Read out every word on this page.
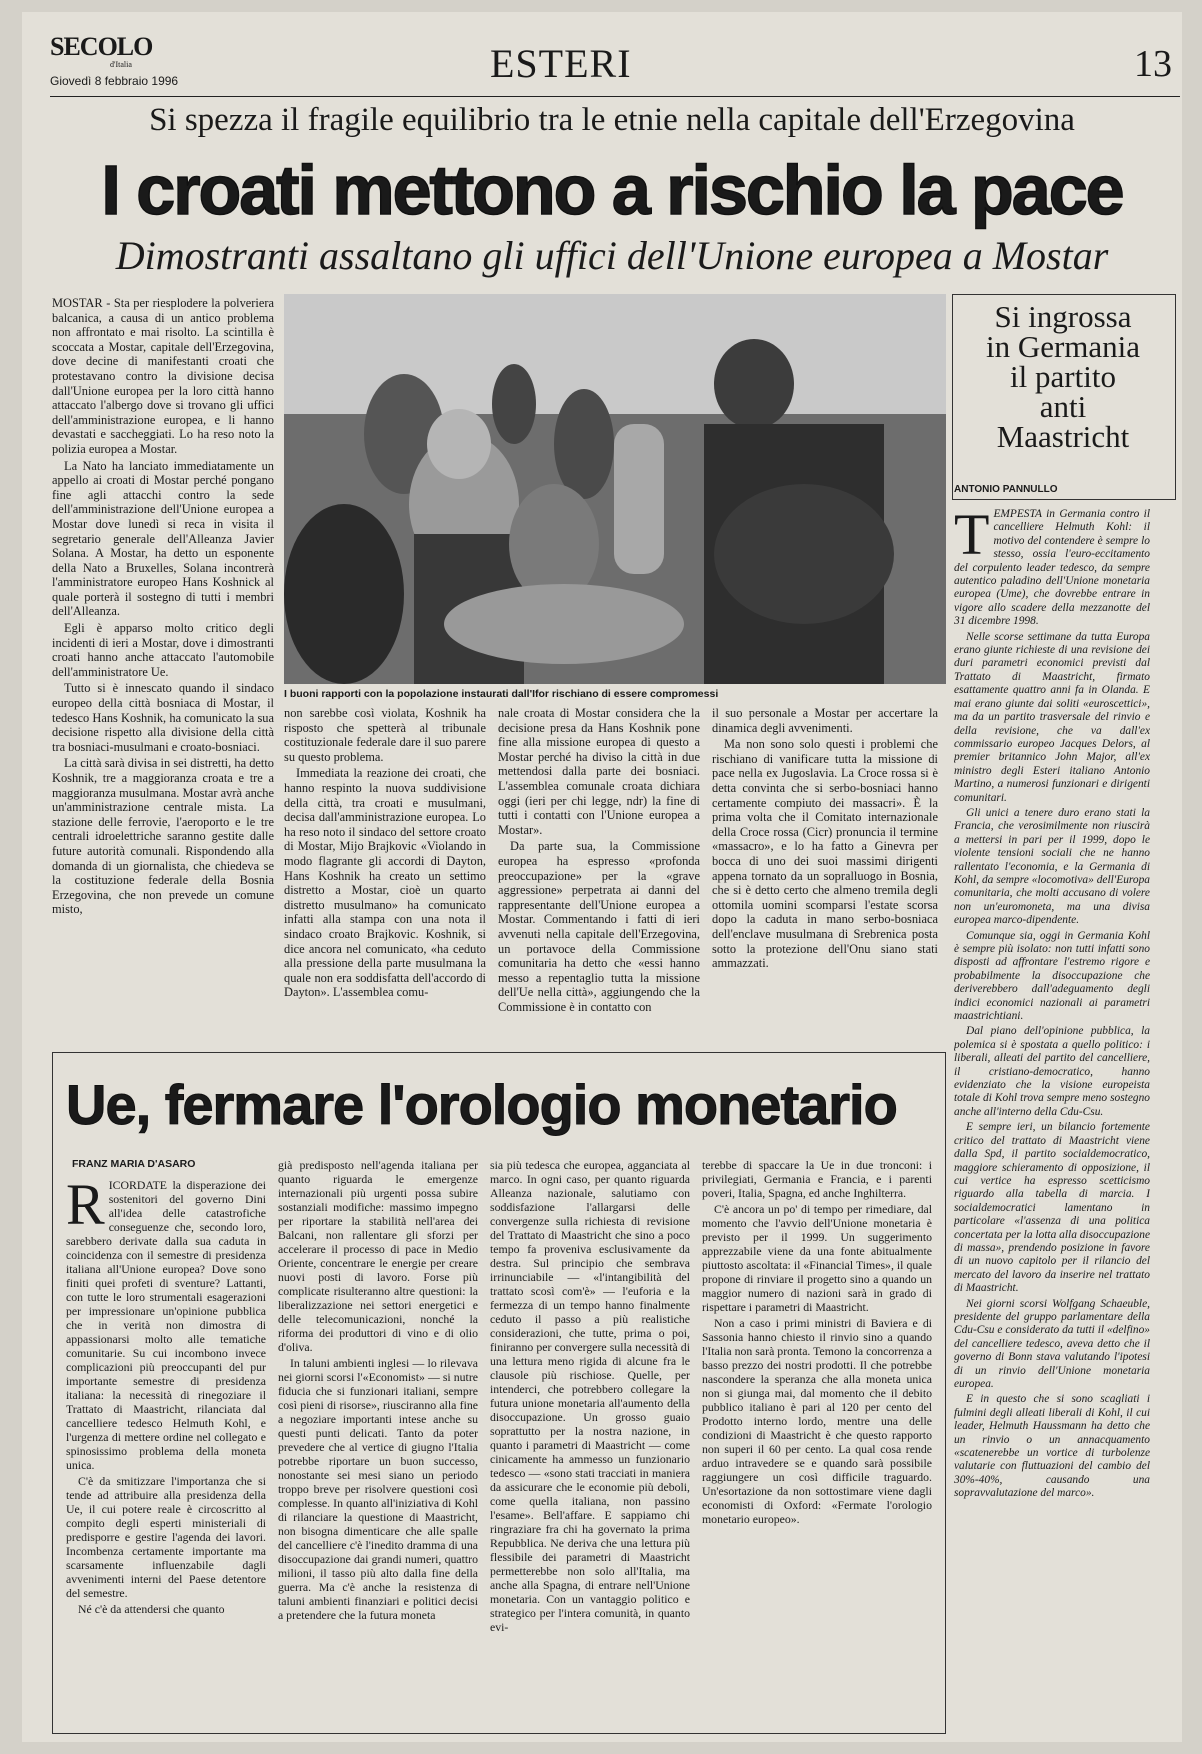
SECOLO
d'Italia
Giovedì 8 febbraio 1996	ESTERI	13
Si spezza il fragile equilibrio tra le etnie nella capitale dell'Erzegovina
I croati mettono a rischio la pace
Dimostranti assaltano gli uffici dell'Unione europea a Mostar

MOSTAR - Sta per riesplodere la polveriera balcanica, a causa di un antico problema non affrontato e mai risolto. La scintilla è scoccata a Mostar, capitale dell'Erzegovina, dove decine di manifestanti croati che protestavano contro la divisione decisa dall'Unione europea per la loro città hanno attaccato l'albergo dove si trovano gli uffici dell'amministrazione europea, e li hanno devastati e saccheggiati. Lo ha reso noto la polizia europea a Mostar.

La Nato ha lanciato immediatamente un appello ai croati di Mostar perché pongano fine agli attacchi contro la sede dell'amministrazione dell'Unione europea a Mostar dove lunedì si reca in visita il segretario generale dell'Alleanza Javier Solana. A Mostar, ha detto un esponente della Nato a Bruxelles, Solana incontrerà l'amministratore europeo Hans Koshnick al quale porterà il sostegno di tutti i membri dell'Alleanza.

Egli è apparso molto critico degli incidenti di ieri a Mostar, dove i dimostranti croati hanno anche attaccato l'automobile dell'amministratore Ue.

Tutto si è innescato quando il sindaco europeo della città bosniaca di Mostar, il tedesco Hans Koshnik, ha comunicato la sua decisione rispetto alla divisione della città tra bosniaci-musulmani e croato-bosniaci.

La città sarà divisa in sei distretti, ha detto Koshnik, tre a maggioranza croata e tre a maggioranza musulmana. Mostar avrà anche un'amministrazione centrale mista. La stazione delle ferrovie, l'aeroporto e le tre centrali idroelettriche saranno gestite dalle future autorità comunali. Rispondendo alla domanda di un giornalista, che chiedeva se la costituzione federale della Bosnia Erzegovina, che non prevede un comune misto,

I buoni rapporti con la popolazione instaurati dall'Ifor rischiano di essere compromessi

non sarebbe così violata, Koshnik ha risposto che spetterà al tribunale costituzionale federale dare il suo parere su questo problema.

Immediata la reazione dei croati, che hanno respinto la nuova suddivisione della città, tra croati e musulmani, decisa dall'amministrazione europea. Lo ha reso noto il sindaco del settore croato di Mostar, Mijo Brajkovic «Violando in modo flagrante gli accordi di Dayton, Hans Koshnik ha creato un settimo distretto a Mostar, cioè un quarto distretto musulmano» ha comunicato infatti alla stampa con una nota il sindaco croato Brajkovic. Koshnik, si dice ancora nel comunicato, «ha ceduto alla pressione della parte musulmana la quale non era soddisfatta dell'accordo di Dayton». L'assemblea comu-

nale croata di Mostar considera che la decisione presa da Hans Koshnik pone fine alla missione europea di questo a Mostar perché ha diviso la città in due mettendosi dalla parte dei bosniaci. L'assemblea comunale croata dichiara oggi (ieri per chi legge, ndr) la fine di tutti i contatti con l'Unione europea a Mostar».

Da parte sua, la Commissione europea ha espresso «profonda preoccupazione» per la «grave aggressione» perpetrata ai danni del rappresentante dell'Unione europea a Mostar. Commentando i fatti di ieri avvenuti nella capitale dell'Erzegovina, un portavoce della Commissione comunitaria ha detto che «essi hanno messo a repentaglio tutta la missione dell'Ue nella città», aggiungendo che la Commissione è in contatto con

il suo personale a Mostar per accertare la dinamica degli avvenimenti.

Ma non sono solo questi i problemi che rischiano di vanificare tutta la missione di pace nella ex Jugoslavia. La Croce rossa si è detta convinta che si serbo-bosniaci hanno certamente compiuto dei massacri». È la prima volta che il Comitato internazionale della Croce rossa (Cicr) pronuncia il termine «massacro», e lo ha fatto a Ginevra per bocca di uno dei suoi massimi dirigenti appena tornato da un sopralluogo in Bosnia, che si è detto certo che almeno tremila degli ottomila uomini scomparsi l'estate scorsa dopo la caduta in mano serbo-bosniaca dell'enclave musulmana di Srebrenica posta sotto la protezione dell'Onu siano stati ammazzati.

Si ingrossa
in Germania
il partito
anti
Maastricht
ANTONIO PANNULLO
T EMPESTA in Germania contro il cancelliere Helmuth Kohl: il motivo del contendere è sempre lo stesso, ossia l'euro-eccitamento del corpulento leader tedesco, da sempre autentico paladino dell'Unione monetaria europea (Ume), che dovrebbe entrare in vigore allo scadere della mezzanotte del 31 dicembre 1998.

Nelle scorse settimane da tutta Europa erano giunte richieste di una revisione dei duri parametri economici previsti dal Trattato di Maastricht, firmato esattamente quattro anni fa in Olanda. E mai erano giunte dai soliti «euroscettici», ma da un partito trasversale del rinvio e della revisione, che va dall'ex commissario europeo Jacques Delors, al premier britannico John Major, all'ex ministro degli Esteri italiano Antonio Martino, a numerosi funzionari e dirigenti comunitari.

Gli unici a tenere duro erano stati la Francia, che verosimilmente non riuscirà a mettersi in pari per il 1999, dopo le violente tensioni sociali che ne hanno rallentato l'economia, e la Germania di Kohl, da sempre «locomotiva» dell'Europa comunitaria, che molti accusano di volere non un'euromoneta, ma una divisa europea marco-dipendente.

Comunque sia, oggi in Germania Kohl è sempre più isolato: non tutti infatti sono disposti ad affrontare l'estremo rigore e probabilmente la disoccupazione che deriverebbero dall'adeguamento degli indici economici nazionali ai parametri maastrichtiani.

Dal piano dell'opinione pubblica, la polemica si è spostata a quello politico: i liberali, alleati del partito del cancelliere, il cristiano-democratico, hanno evidenziato che la visione europeista totale di Kohl trova sempre meno sostegno anche all'interno della Cdu-Csu.

E sempre ieri, un bilancio fortemente critico del trattato di Maastricht viene dalla Spd, il partito socialdemocratico, maggiore schieramento di opposizione, il cui vertice ha espresso scetticismo riguardo alla tabella di marcia. I socialdemocratici lamentano in particolare «l'assenza di una politica concertata per la lotta alla disoccupazione di massa», prendendo posizione in favore di un nuovo capitolo per il rilancio del mercato del lavoro da inserire nel trattato di Maastricht.

Nei giorni scorsi Wolfgang Schaeuble, presidente del gruppo parlamentare della Cdu-Csu e considerato da tutti il «delfino» del cancelliere tedesco, aveva detto che il governo di Bonn stava valutando l'ipotesi di un rinvio dell'Unione monetaria europea.

E in questo che si sono scagliati i fulmini degli alleati liberali di Kohl, il cui leader, Helmuth Haussmann ha detto che un rinvio o un annacquamento «scatenerebbe un vortice di turbolenze valutarie con fluttuazioni del cambio del 30%-40%, causando una sopravvalutazione del marco».

Ue, fermare l'orologio monetario
FRANZ MARIA D'ASARO
R ICORDATE la disperazione dei sostenitori del governo Dini all'idea delle catastrofiche conseguenze che, secondo loro, sarebbero derivate dalla sua caduta in coincidenza con il semestre di presidenza italiana all'Unione europea? Dove sono finiti quei profeti di sventure? Lattanti, con tutte le loro strumentali esagerazioni per impressionare un'opinione pubblica che in verità non dimostra di appassionarsi molto alle tematiche comunitarie. Su cui incombono invece complicazioni più preoccupanti del pur importante semestre di presidenza italiana: la necessità di rinegoziare il Trattato di Maastricht, rilanciata dal cancelliere tedesco Helmuth Kohl, e l'urgenza di mettere ordine nel collegato e spinosissimo problema della moneta unica.

C'è da smitizzare l'importanza che si tende ad attribuire alla presidenza della Ue, il cui potere reale è circoscritto al compito degli esperti ministeriali di predisporre e gestire l'agenda dei lavori. Incombenza certamente importante ma scarsamente influenzabile dagli avvenimenti interni del Paese detentore del semestre.

Né c'è da attendersi che quanto

già predisposto nell'agenda italiana per quanto riguarda le emergenze internazionali più urgenti possa subire sostanziali modifiche: massimo impegno per riportare la stabilità nell'area dei Balcani, non rallentare gli sforzi per accelerare il processo di pace in Medio Oriente, concentrare le energie per creare nuovi posti di lavoro. Forse più complicate risulteranno altre questioni: la liberalizzazione nei settori energetici e delle telecomunicazioni, nonché la riforma dei produttori di vino e di olio d'oliva.

In taluni ambienti inglesi — lo rilevava nei giorni scorsi l'«Economist» — si nutre fiducia che si funzionari italiani, sempre così pieni di risorse», riusciranno alla fine a negoziare importanti intese anche su questi punti delicati. Tanto da poter prevedere che al vertice di giugno l'Italia potrebbe riportare un buon successo, nonostante sei mesi siano un periodo troppo breve per risolvere questioni così complesse. In quanto all'iniziativa di Kohl di rilanciare la questione di Maastricht, non bisogna dimenticare che alle spalle del cancelliere c'è l'inedito dramma di una disoccupazione dai grandi numeri, quattro milioni, il tasso più alto dalla fine della guerra. Ma c'è anche la resistenza di taluni ambienti finanziari e politici decisi a pretendere che la futura moneta

sia più tedesca che europea, agganciata al marco. In ogni caso, per quanto riguarda Alleanza nazionale, salutiamo con soddisfazione l'allargarsi delle convergenze sulla richiesta di revisione del Trattato di Maastricht che sino a poco tempo fa proveniva esclusivamente da destra. Sul principio che sembrava irrinunciabile — «l'intangibilità del trattato scosì com'è» — l'euforia e la fermezza di un tempo hanno finalmente ceduto il passo a più realistiche considerazioni, che tutte, prima o poi, finiranno per convergere sulla necessità di una lettura meno rigida di alcune fra le clausole più rischiose. Quelle, per intenderci, che potrebbero collegare la futura unione monetaria all'aumento della disoccupazione. Un grosso guaio soprattutto per la nostra nazione, in quanto i parametri di Maastricht — come cinicamente ha ammesso un funzionario tedesco — «sono stati tracciati in maniera da assicurare che le economie più deboli, come quella italiana, non passino l'esame». Bell'affare. E sappiamo chi ringraziare fra chi ha governato la prima Repubblica. Ne deriva che una lettura più flessibile dei parametri di Maastricht permetterebbe non solo all'Italia, ma anche alla Spagna, di entrare nell'Unione monetaria. Con un vantaggio politico e strategico per l'intera comunità, in quanto evi-

terebbe di spaccare la Ue in due tronconi: i privilegiati, Germania e Francia, e i parenti poveri, Italia, Spagna, ed anche Inghilterra.

C'è ancora un po' di tempo per rimediare, dal momento che l'avvio dell'Unione monetaria è previsto per il 1999. Un suggerimento apprezzabile viene da una fonte abitualmente piuttosto ascoltata: il «Financial Times», il quale propone di rinviare il progetto sino a quando un maggior numero di nazioni sarà in grado di rispettare i parametri di Maastricht.

Non a caso i primi ministri di Baviera e di Sassonia hanno chiesto il rinvio sino a quando l'Italia non sarà pronta. Temono la concorrenza a basso prezzo dei nostri prodotti. Il che potrebbe nascondere la speranza che alla moneta unica non si giunga mai, dal momento che il debito pubblico italiano è pari al 120 per cento del Prodotto interno lordo, mentre una delle condizioni di Maastricht è che questo rapporto non superi il 60 per cento. La qual cosa rende arduo intravedere se e quando sarà possibile raggiungere un così difficile traguardo. Un'esortazione da non sottostimare viene dagli economisti di Oxford: «Fermate l'orologio monetario europeo».
